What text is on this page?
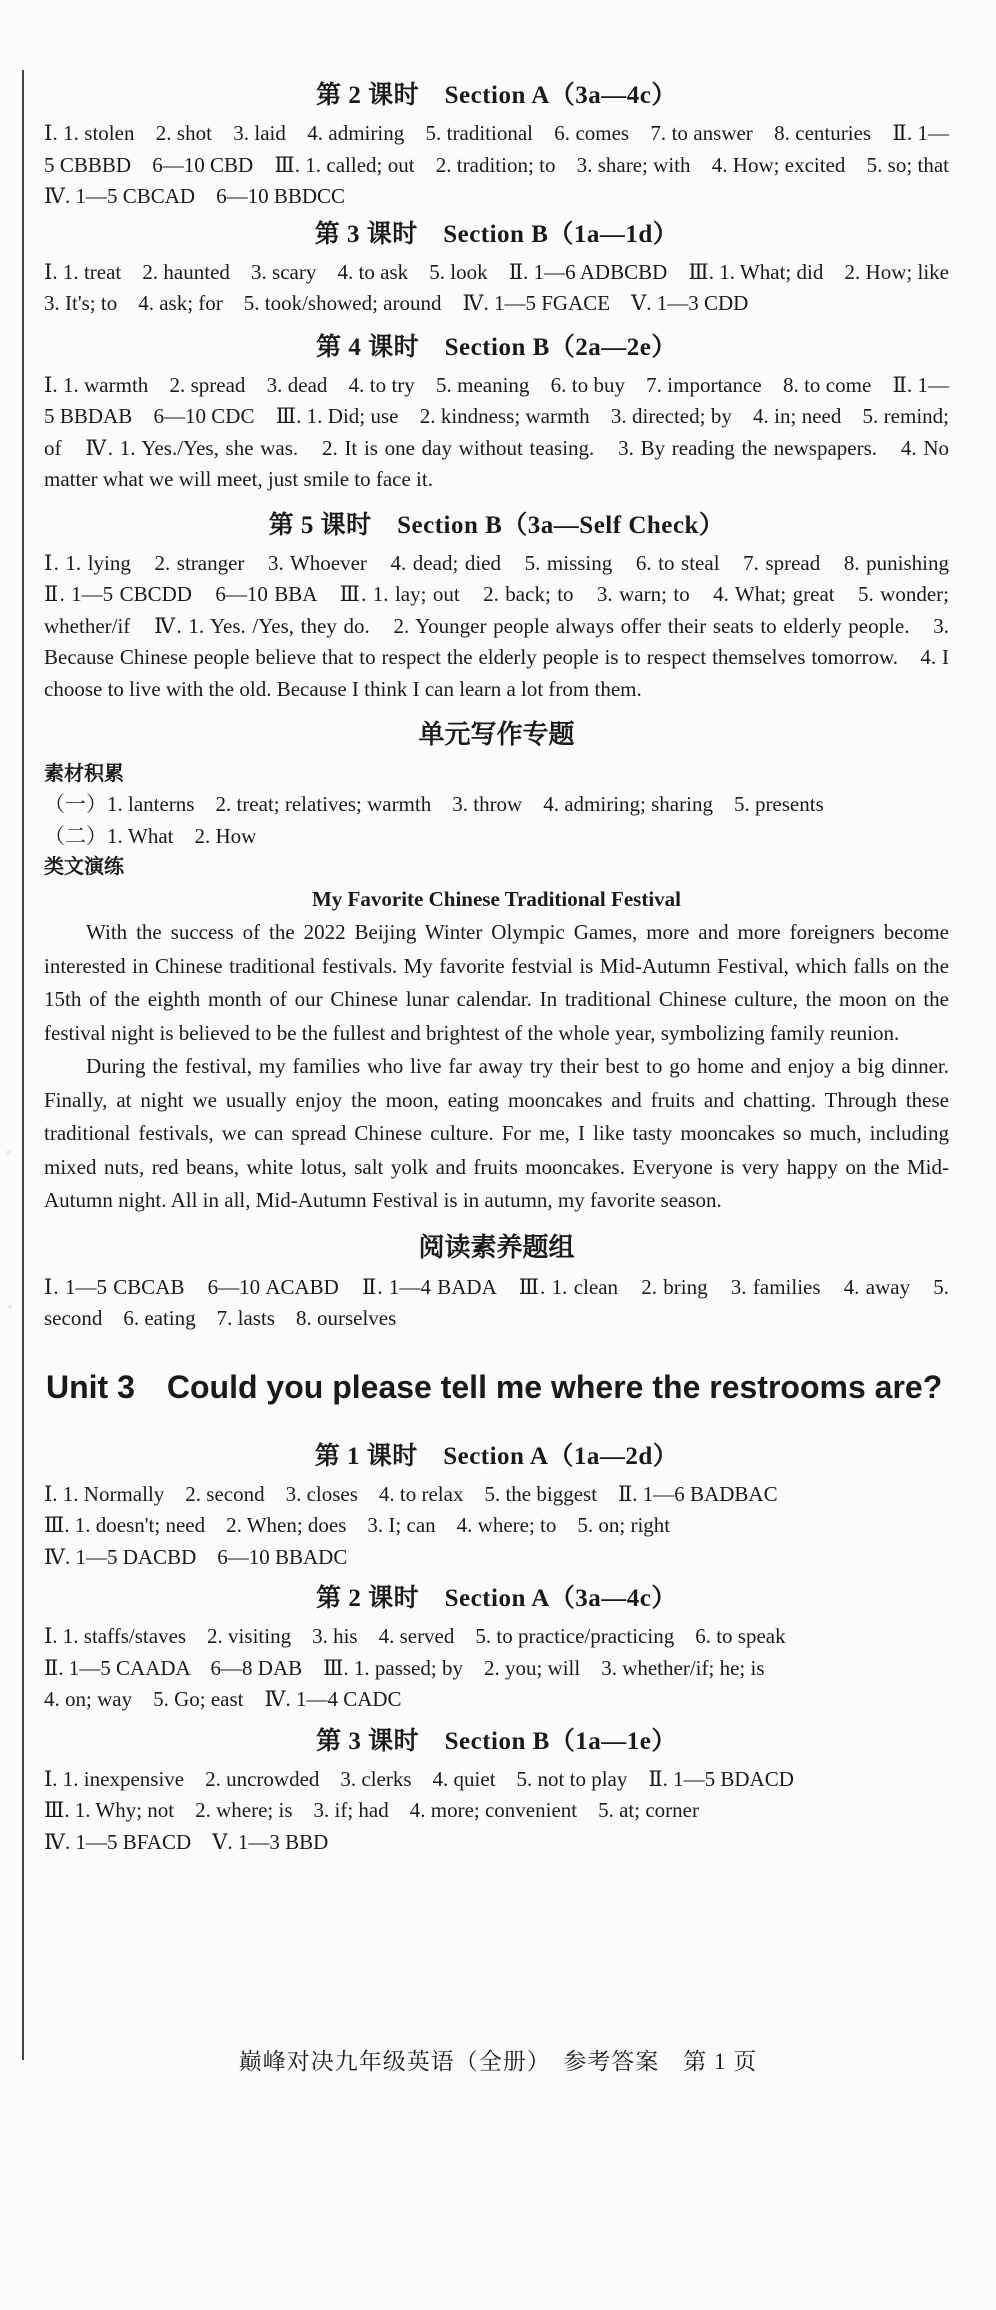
第 2 课时　Section A（3a—4c）

Ⅰ. 1. stolen　2. shot　3. laid　4. admiring　5. traditional　6. comes　7. to answer　8. centuries　Ⅱ. 1—5 CBBBD　6—10 CBD　Ⅲ. 1. called; out　2. tradition; to　3. share; with　4. How; excited　5. so; that　Ⅳ. 1—5 CBCAD　6—10 BBDCC

第 3 课时　Section B（1a—1d）

Ⅰ. 1. treat　2. haunted　3. scary　4. to ask　5. look　Ⅱ. 1—6 ADBCBD　Ⅲ. 1. What; did　2. How; like　3. It's; to　4. ask; for　5. took/showed; around　Ⅳ. 1—5 FGACE　Ⅴ. 1—3 CDD

第 4 课时　Section B（2a—2e）

Ⅰ. 1. warmth　2. spread　3. dead　4. to try　5. meaning　6. to buy　7. importance　8. to come　Ⅱ. 1—5 BBDAB　6—10 CDC　Ⅲ. 1. Did; use　2. kindness; warmth　3. directed; by　4. in; need　5. remind; of　Ⅳ. 1. Yes./Yes, she was.　2. It is one day without teasing.　3. By reading the newspapers.　4. No matter what we will meet, just smile to face it.

第 5 课时　Section B（3a—Self Check）

Ⅰ. 1. lying　2. stranger　3. Whoever　4. dead; died　5. missing　6. to steal　7. spread　8. punishing　Ⅱ. 1—5 CBCDD　6—10 BBA　Ⅲ. 1. lay; out　2. back; to　3. warn; to　4. What; great　5. wonder; whether/if　Ⅳ. 1. Yes. /Yes, they do.　2. Younger people always offer their seats to elderly people.　3. Because Chinese people believe that to respect the elderly people is to respect themselves tomorrow.　4. I choose to live with the old. Because I think I can learn a lot from them.

单元写作专题
素材积累

（一）1. lanterns　2. treat; relatives; warmth　3. throw　4. admiring; sharing　5. presents

（二）1. What　2. How

类文演练
My Favorite Chinese Traditional Festival

With the success of the 2022 Beijing Winter Olympic Games, more and more foreigners become interested in Chinese traditional festivals. My favorite festvial is Mid-Autumn Festival, which falls on the 15th of the eighth month of our Chinese lunar calendar. In traditional Chinese culture, the moon on the festival night is believed to be the fullest and brightest of the whole year, symbolizing family reunion.

During the festival, my families who live far away try their best to go home and enjoy a big dinner. Finally, at night we usually enjoy the moon, eating mooncakes and fruits and chatting. Through these traditional festivals, we can spread Chinese culture. For me, I like tasty mooncakes so much, including mixed nuts, red beans, white lotus, salt yolk and fruits mooncakes. Everyone is very happy on the Mid-Autumn night. All in all, Mid-Autumn Festival is in autumn, my favorite season.

阅读素养题组

Ⅰ. 1—5 CBCAB　6—10 ACABD　Ⅱ. 1—4 BADA　Ⅲ. 1. clean　2. bring　3. families　4. away　5. second　6. eating　7. lasts　8. ourselves

Unit 3　Could you please tell me where the restrooms are?
第 1 课时　Section A（1a—2d）

Ⅰ. 1. Normally　2. second　3. closes　4. to relax　5. the biggest　Ⅱ. 1—6 BADBAC

Ⅲ. 1. doesn't; need　2. When; does　3. I; can　4. where; to　5. on; right

Ⅳ. 1—5 DACBD　6—10 BBADC

第 2 课时　Section A（3a—4c）

Ⅰ. 1. staffs/staves　2. visiting　3. his　4. served　5. to practice/practicing　6. to speak

Ⅱ. 1—5 CAADA　6—8 DAB　Ⅲ. 1. passed; by　2. you; will　3. whether/if; he; is

4. on; way　5. Go; east　Ⅳ. 1—4 CADC

第 3 课时　Section B（1a—1e）

Ⅰ. 1. inexpensive　2. uncrowded　3. clerks　4. quiet　5. not to play　Ⅱ. 1—5 BDACD

Ⅲ. 1. Why; not　2. where; is　3. if; had　4. more; convenient　5. at; corner

Ⅳ. 1—5 BFACD　Ⅴ. 1—3 BBD

巅峰对决九年级英语（全册）　参考答案　第 1 页
